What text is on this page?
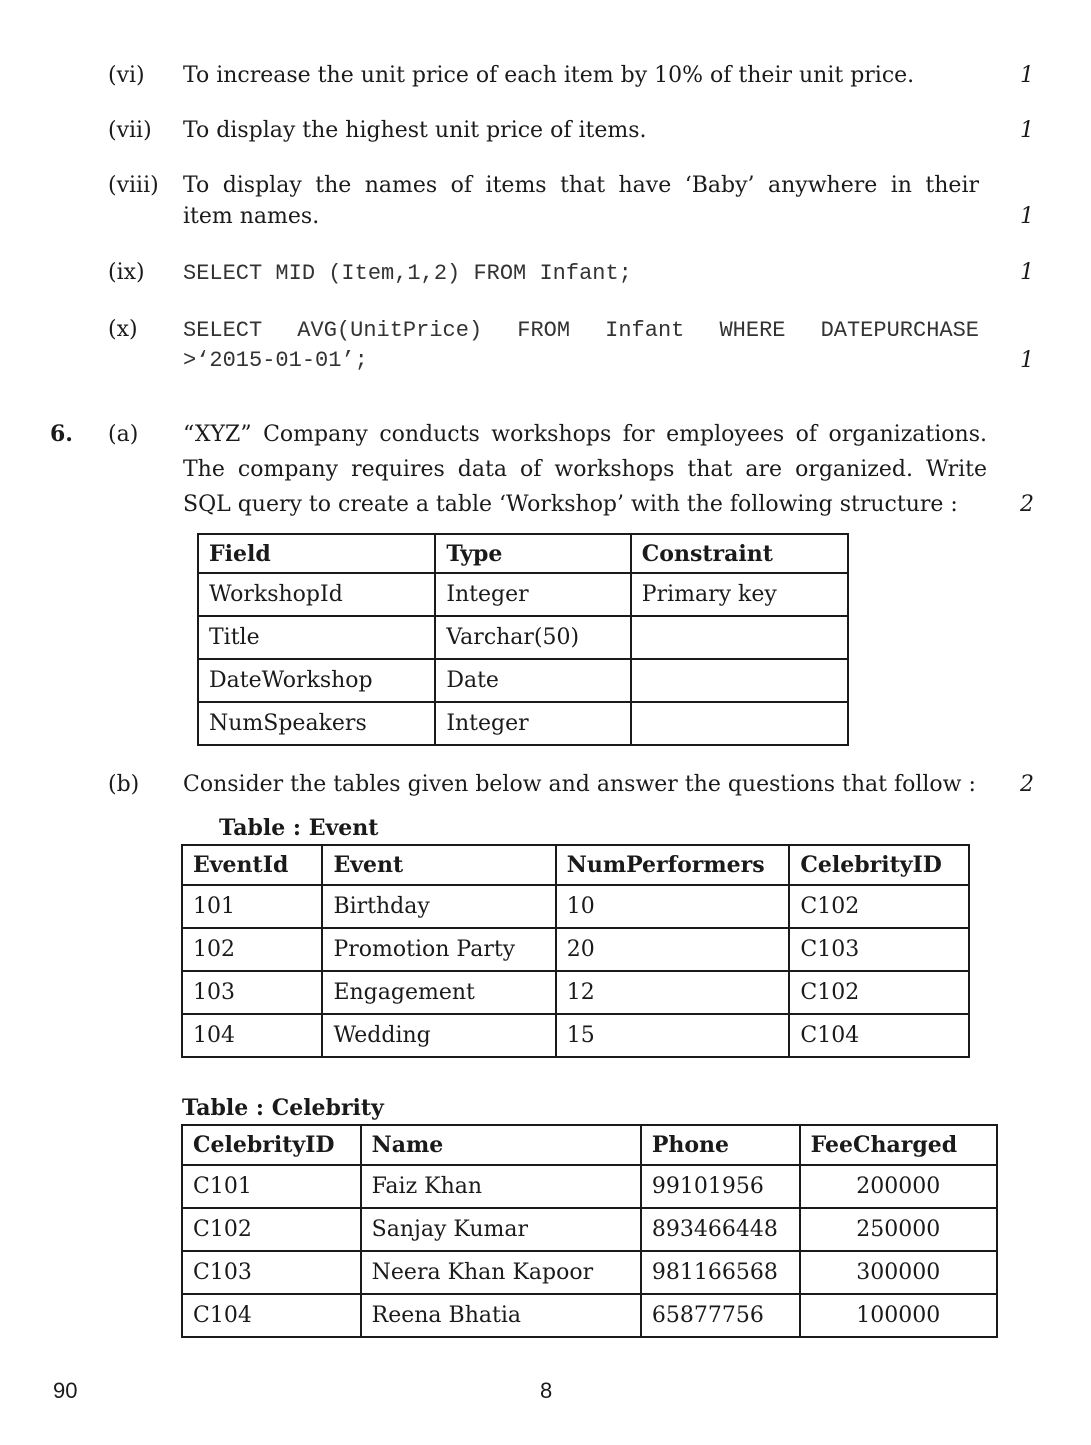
(vi) To increase the unit price of each item by 10% of their unit price.	1
(vii) To display the highest unit price of items.	1
(viii) To display the names of items that have ‘Baby’ anywhere in their
item names.	1
(ix) SELECT MID (Item,1,2) FROM Infant;	1
(x) SELECT AVG(UnitPrice) FROM Infant WHERE DATEPURCHASE
>‘2015-01-01’;	1
6. (a) “XYZ” Company conducts workshops for employees of organizations.
The company requires data of workshops that are organized. Write
SQL query to create a table ‘Workshop’ with the following structure :	2
Field	Type	Constraint
WorkshopId	Integer	Primary key
Title	Varchar(50)	
DateWorkshop	Date	
NumSpeakers	Integer	
(b) Consider the tables given below and answer the questions that follow : 2
Table : Event
EventId	Event	NumPerformers	CelebrityID
101	Birthday	10	C102
102	Promotion Party	20	C103
103	Engagement	12	C102
104	Wedding	15	C104
Table : Celebrity
CelebrityID	Name	Phone	FeeCharged
C101	Faiz Khan	99101956	200000
C102	Sanjay Kumar	893466448	250000
C103	Neera Khan Kapoor	981166568	300000
C104	Reena Bhatia	65877756	100000
90	8
